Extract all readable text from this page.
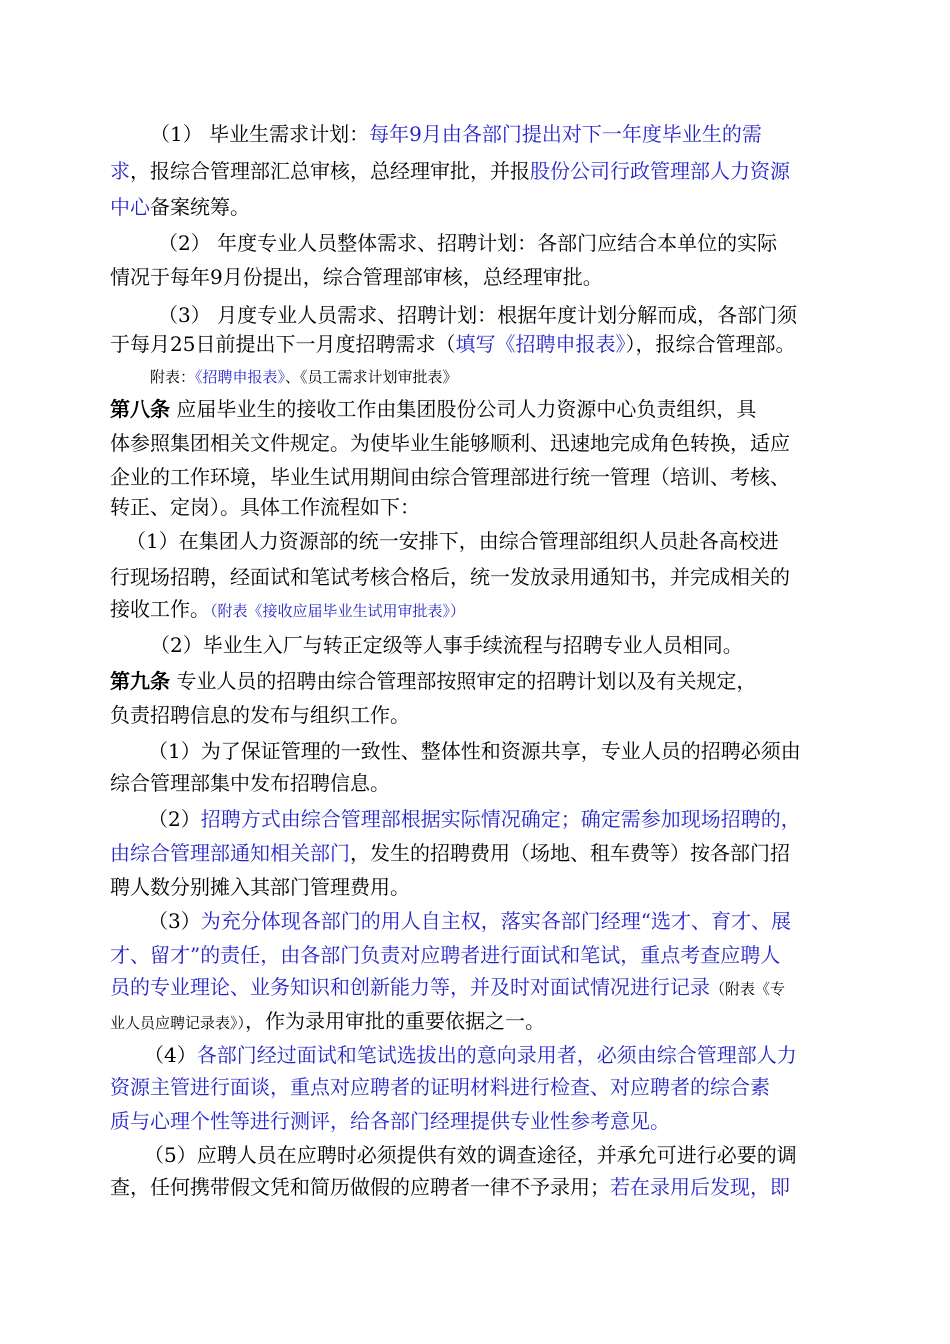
（1） 毕业生需求计划：每年9月由各部门提出对下一年度毕业生的需
求，报综合管理部汇总审核，总经理审批，并报股份公司行政管理部人力资源
中心备案统筹。
（2） 年度专业人员整体需求、招聘计划：各部门应结合本单位的实际
情况于每年9月份提出，综合管理部审核，总经理审批。
（3） 月度专业人员需求、招聘计划：根据年度计划分解而成，各部门须
于每月25日前提出下一月度招聘需求（填写《招聘申报表》），报综合管理部。
附表：《招聘申报表》、《员工需求计划审批表》
第八条 应届毕业生的接收工作由集团股份公司人力资源中心负责组织，具
体参照集团相关文件规定。为使毕业生能够顺利、迅速地完成角色转换，适应
企业的工作环境，毕业生试用期间由综合管理部进行统一管理（培训、考核、
转正、定岗）。具体工作流程如下：
（1）在集团人力资源部的统一安排下，由综合管理部组织人员赴各高校进
行现场招聘，经面试和笔试考核合格后，统一发放录用通知书，并完成相关的
接收工作。（附表《接收应届毕业生试用审批表》）
（2）毕业生入厂与转正定级等人事手续流程与招聘专业人员相同。
第九条 专业人员的招聘由综合管理部按照审定的招聘计划以及有关规定，
负责招聘信息的发布与组织工作。
（1）为了保证管理的一致性、整体性和资源共享，专业人员的招聘必须由
综合管理部集中发布招聘信息。
（2）招聘方式由综合管理部根据实际情况确定；确定需参加现场招聘的，
由综合管理部通知相关部门，发生的招聘费用（场地、租车费等）按各部门招
聘人数分别摊入其部门管理费用。
（3）为充分体现各部门的用人自主权，落实各部门经理“选才、育才、展
才、留才”的责任，由各部门负责对应聘者进行面试和笔试，重点考查应聘人
员的专业理论、业务知识和创新能力等，并及时对面试情况进行记录（附表《专
业人员应聘记录表》），作为录用审批的重要依据之一。
（4）各部门经过面试和笔试选拔出的意向录用者，必须由综合管理部人力
资源主管进行面谈，重点对应聘者的证明材料进行检查、对应聘者的综合素
质与心理个性等进行测评，给各部门经理提供专业性参考意见。
（5）应聘人员在应聘时必须提供有效的调查途径，并承允可进行必要的调
查，任何携带假文凭和简历做假的应聘者一律不予录用；若在录用后发现，即
